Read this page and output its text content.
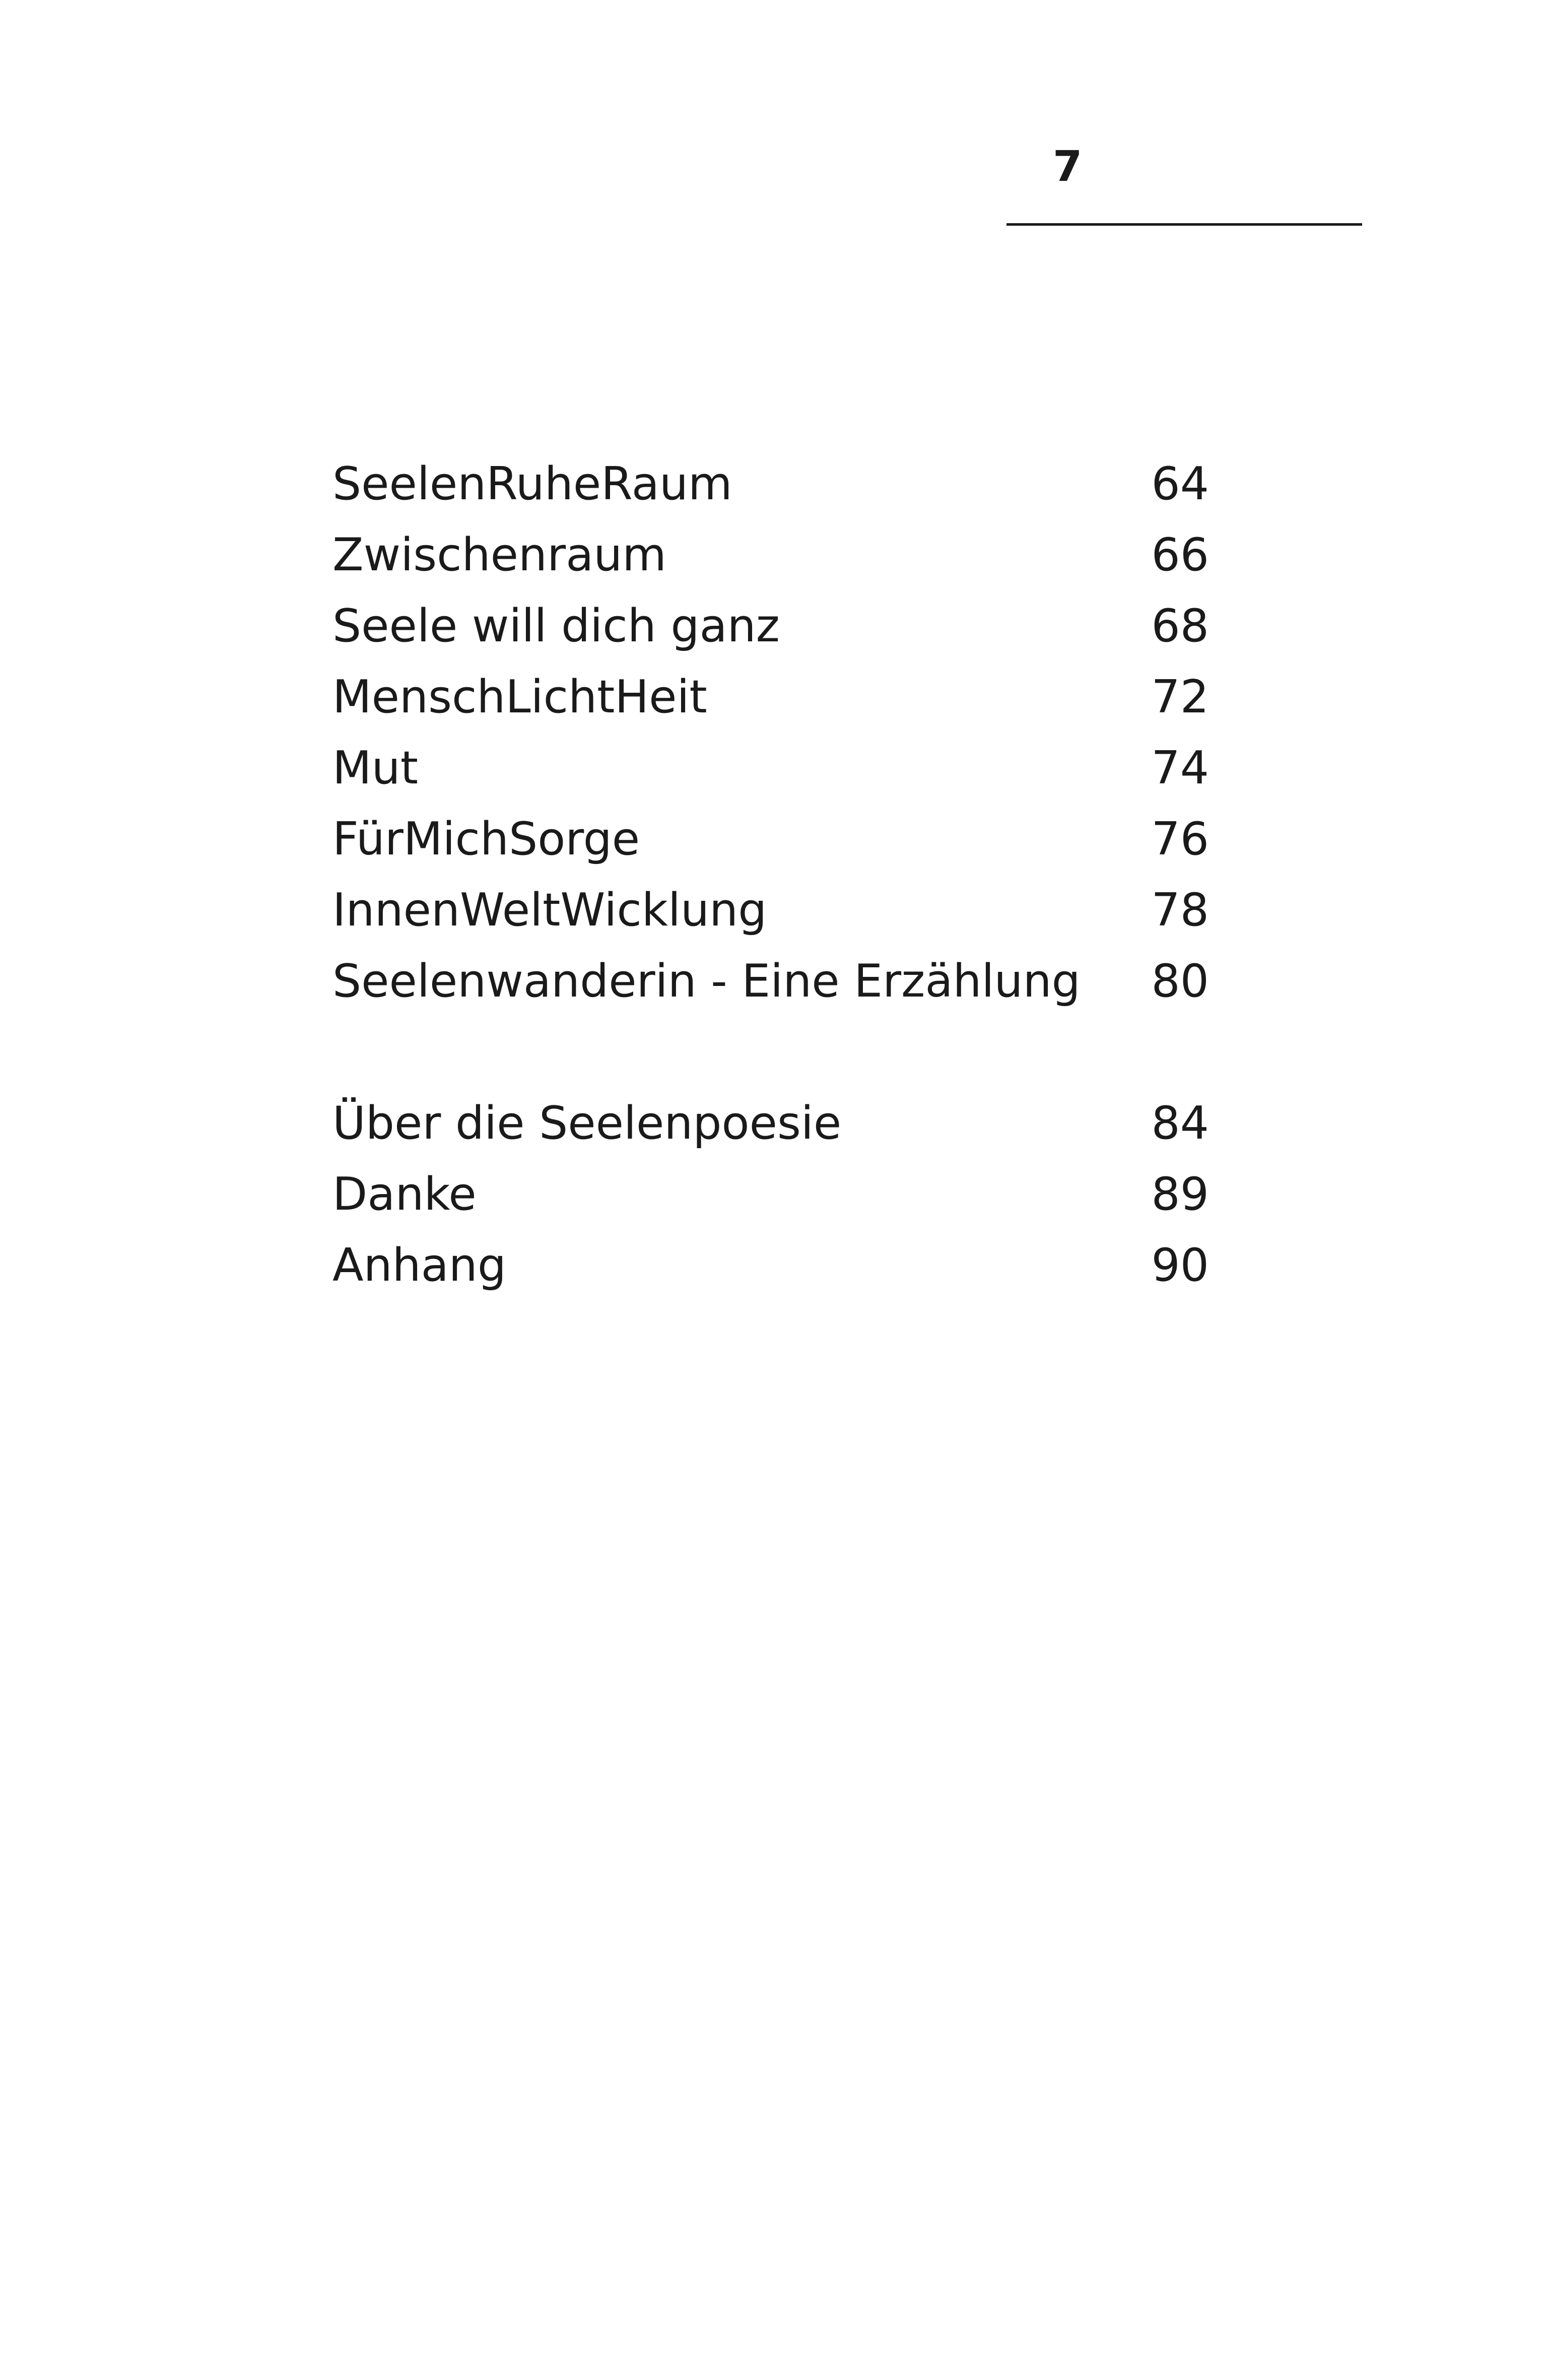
7
SeelenRuheRaum	64
Zwischenraum	66
Seele will dich ganz	68
MenschLichtHeit	72
Mut	74
FürMichSorge	76
InnenWeltWicklung	78
Seelenwanderin - Eine Erzählung	80
Über die Seelenpoesie	84
Danke	89
Anhang	90
